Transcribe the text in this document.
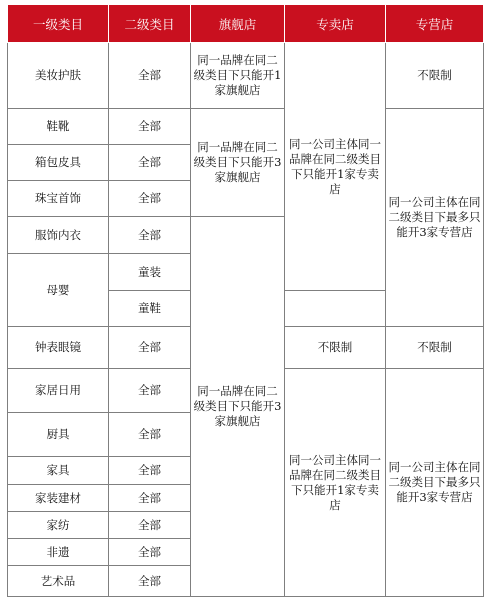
一级类目	二级类目	旗舰店	专卖店	专营店
美妆护肤	全部	同一品牌在同二级类目下只能开1家旗舰店	同一公司主体同一品牌在同二级类目下只能开1家专卖店	不限制
鞋靴	全部	同一品牌在同二级类目下只能开3家旗舰店		同一公司主体在同二级类目下最多只能开3家专营店
箱包皮具	全部			
珠宝首饰	全部			
服饰内衣	全部	同一品牌在同二级类目下只能开3家旗舰店		
母婴	童装			
	童鞋			
钟表眼镜	全部		不限制	不限制
家居日用	全部		同一公司主体同一品牌在同二级类目下只能开1家专卖店	同一公司主体在同二级类目下最多只能开3家专营店
厨具	全部			
家具	全部			
家装建材	全部			
家纺	全部			
非遗	全部			
艺术品	全部			
